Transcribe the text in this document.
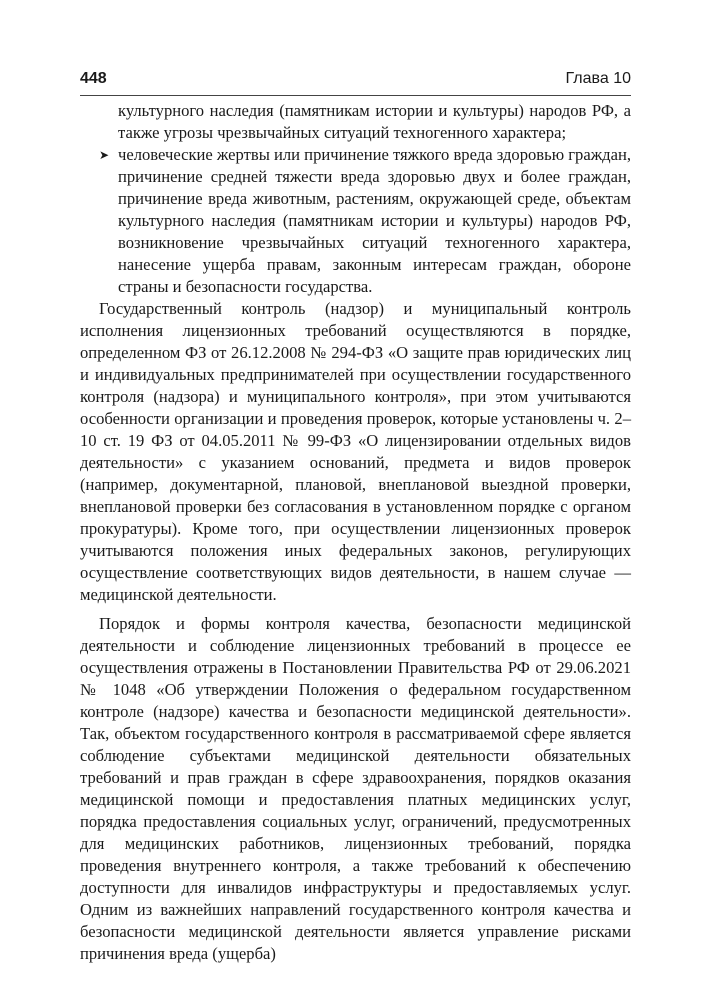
448	Глава 10
культурного наследия (памятникам истории и культуры) народов РФ, а также угрозы чрезвычайных ситуаций техногенного характера;
➤ человеческие жертвы или причинение тяжкого вреда здоровью граждан, причинение средней тяжести вреда здоровью двух и более граждан, причинение вреда животным, растениям, окружающей среде, объектам культурного наследия (памятникам истории и культуры) народов РФ, возникновение чрезвычайных ситуаций техногенного характера, нанесение ущерба правам, законным интересам граждан, обороне страны и безопасности государства.

Государственный контроль (надзор) и муниципальный контроль исполнения лицензионных требований осуществляются в порядке, определенном ФЗ от 26.12.2008 № 294-ФЗ «О защите прав юридических лиц и индивидуальных предпринимателей при осуществлении государственного контроля (надзора) и муниципального контроля», при этом учитываются особенности организации и проведения проверок, которые установлены ч. 2–10 ст. 19 ФЗ от 04.05.2011 № 99-ФЗ «О лицензировании отдельных видов деятельности» с указанием оснований, предмета и видов проверок (например, документарной, плановой, внеплановой выездной проверки, внеплановой проверки без согласования в установленном порядке с органом прокуратуры). Кроме того, при осуществлении лицензионных проверок учитываются положения иных федеральных законов, регулирующих осуществление соответствующих видов деятельности, в нашем случае — медицинской деятельности.

Порядок и формы контроля качества, безопасности медицинской деятельности и соблюдение лицензионных требований в процессе ее осуществления отражены в Постановлении Правительства РФ от 29.06.2021 № 1048 «Об утверждении Положения о федеральном государственном контроле (надзоре) качества и безопасности медицинской деятельности». Так, объектом государственного контроля в рассматриваемой сфере является соблюдение субъектами медицинской деятельности обязательных требований и прав граждан в сфере здравоохранения, порядков оказания медицинской помощи и предоставления платных медицинских услуг, порядка предоставления социальных услуг, ограничений, предусмотренных для медицинских работников, лицензионных требований, порядка проведения внутреннего контроля, а также требований к обеспечению доступности для инвалидов инфраструктуры и предоставляемых услуг. Одним из важнейших направлений государственного контроля качества и безопасности медицинской деятельности является управление рисками причинения вреда (ущерба)
